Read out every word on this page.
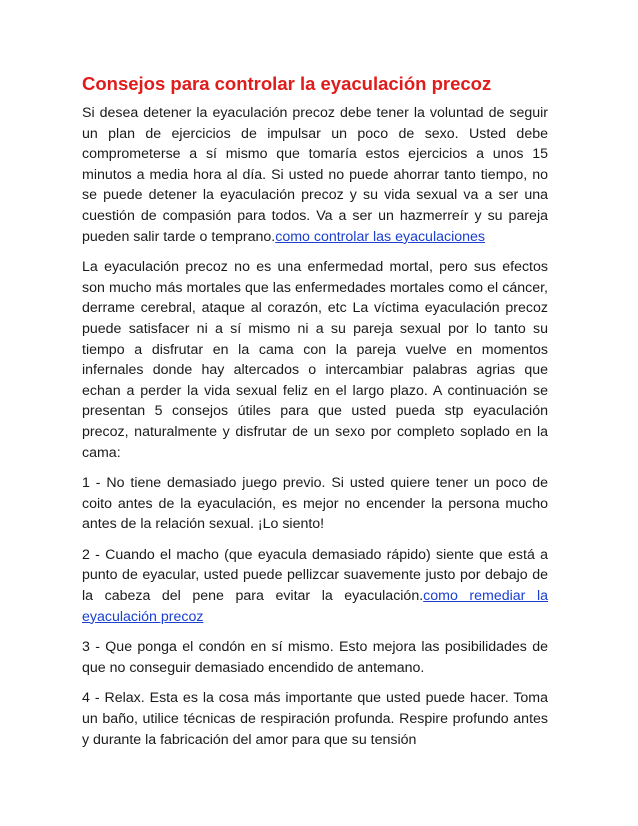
Consejos para controlar la eyaculación precoz

Si desea detener la eyaculación precoz debe tener la voluntad de seguir un plan de ejercicios de impulsar un poco de sexo. Usted debe comprometerse a sí mismo que tomaría estos ejercicios a unos 15 minutos a media hora al día. Si usted no puede ahorrar tanto tiempo, no se puede detener la eyaculación precoz y su vida sexual va a ser una cuestión de compasión para todos. Va a ser un hazmerreír y su pareja pueden salir tarde o temprano.como controlar las eyaculaciones

La eyaculación precoz no es una enfermedad mortal, pero sus efectos son mucho más mortales que las enfermedades mortales como el cáncer, derrame cerebral, ataque al corazón, etc La víctima eyaculación precoz puede satisfacer ni a sí mismo ni a su pareja sexual por lo tanto su tiempo a disfrutar en la cama con la pareja vuelve en momentos infernales donde hay altercados o intercambiar palabras agrias que echan a perder la vida sexual feliz en el largo plazo. A continuación se presentan 5 consejos útiles para que usted pueda stp eyaculación precoz, naturalmente y disfrutar de un sexo por completo soplado en la cama:

1 - No tiene demasiado juego previo. Si usted quiere tener un poco de coito antes de la eyaculación, es mejor no encender la persona mucho antes de la relación sexual. ¡Lo siento!

2 - Cuando el macho (que eyacula demasiado rápido) siente que está a punto de eyacular, usted puede pellizcar suavemente justo por debajo de la cabeza del pene para evitar la eyaculación.como remediar la eyaculación precoz

3 - Que ponga el condón en sí mismo. Esto mejora las posibilidades de que no conseguir demasiado encendido de antemano.

4 - Relax. Esta es la cosa más importante que usted puede hacer. Toma un baño, utilice técnicas de respiración profunda. Respire profundo antes y durante la fabricación del amor para que su tensión
